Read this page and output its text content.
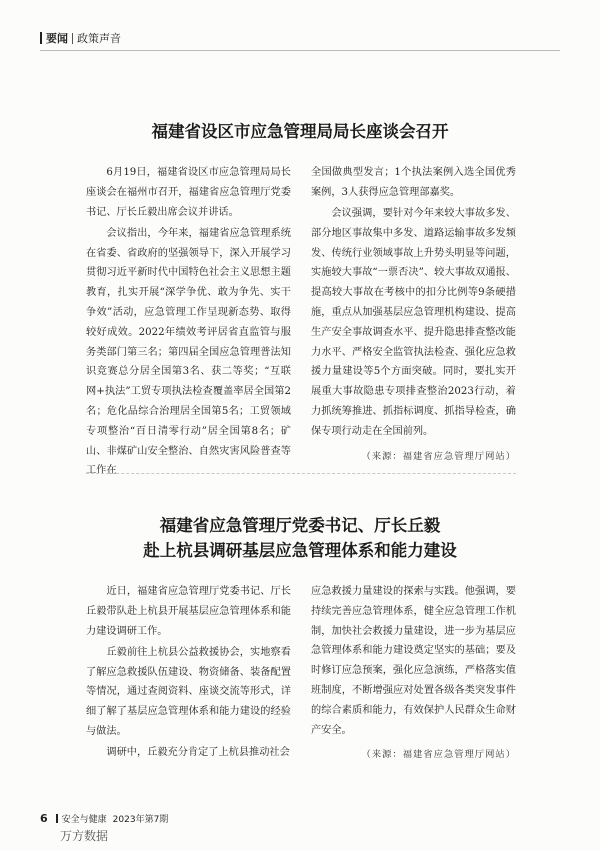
要闻 政策声音
福建省设区市应急管理局局长座谈会召开

6月19日，福建省设区市应急管理局局长座谈会在福州市召开，福建省应急管理厅党委书记、厅长丘毅出席会议并讲话。

会议指出，今年来，福建省应急管理系统在省委、省政府的坚强领导下，深入开展学习贯彻习近平新时代中国特色社会主义思想主题教育，扎实开展“深学争优、敢为争先、实干争效”活动，应急管理工作呈现新态势、取得较好成效。2022年绩效考评居省直监管与服务类部门第三名；第四届全国应急管理普法知识竞赛总分居全国第3名、获二等奖；“互联网+执法”工贸专项执法检查覆盖率居全国第2名；危化品综合治理居全国第5名；工贸领域专项整治“百日清零行动”居全国第8名；矿山、非煤矿山安全整治、自然灾害风险普查等工作在

全国做典型发言；1个执法案例入选全国优秀案例，3人获得应急管理部嘉奖。

会议强调，要针对今年来较大事故多发、部分地区事故集中多发、道路运输事故多发频发、传统行业领域事故上升势头明显等问题，实施较大事故“一票否决”、较大事故双通报、提高较大事故在考核中的扣分比例等9条硬措施，重点从加强基层应急管理机构建设、提高生产安全事故调查水平、提升隐患排查整改能力水平、严格安全监管执法检查、强化应急救援力量建设等5个方面突破。同时，要扎实开展重大事故隐患专项排查整治2023行动，着力抓统筹推进、抓指标调度、抓指导检查，确保专项行动走在全国前列。

（来源：福建省应急管理厅网站）
福建省应急管理厅党委书记、厅长丘毅
赴上杭县调研基层应急管理体系和能力建设

近日，福建省应急管理厅党委书记、厅长丘毅带队赴上杭县开展基层应急管理体系和能力建设调研工作。

丘毅前往上杭县公益救援协会，实地察看了解应急救援队伍建设、物资储备、装备配置等情况，通过查阅资料、座谈交流等形式，详细了解了基层应急管理体系和能力建设的经验与做法。

调研中，丘毅充分肯定了上杭县推动社会

应急救援力量建设的探索与实践。他强调，要持续完善应急管理体系，健全应急管理工作机制，加快社会救援力量建设，进一步为基层应急管理体系和能力建设奠定坚实的基础；要及时修订应急预案，强化应急演练，严格落实值班制度，不断增强应对处置各级各类突发事件的综合素质和能力，有效保护人民群众生命财产安全。

（来源：福建省应急管理厅网站）
6 安全与健康 2023年第7期
万方数据
